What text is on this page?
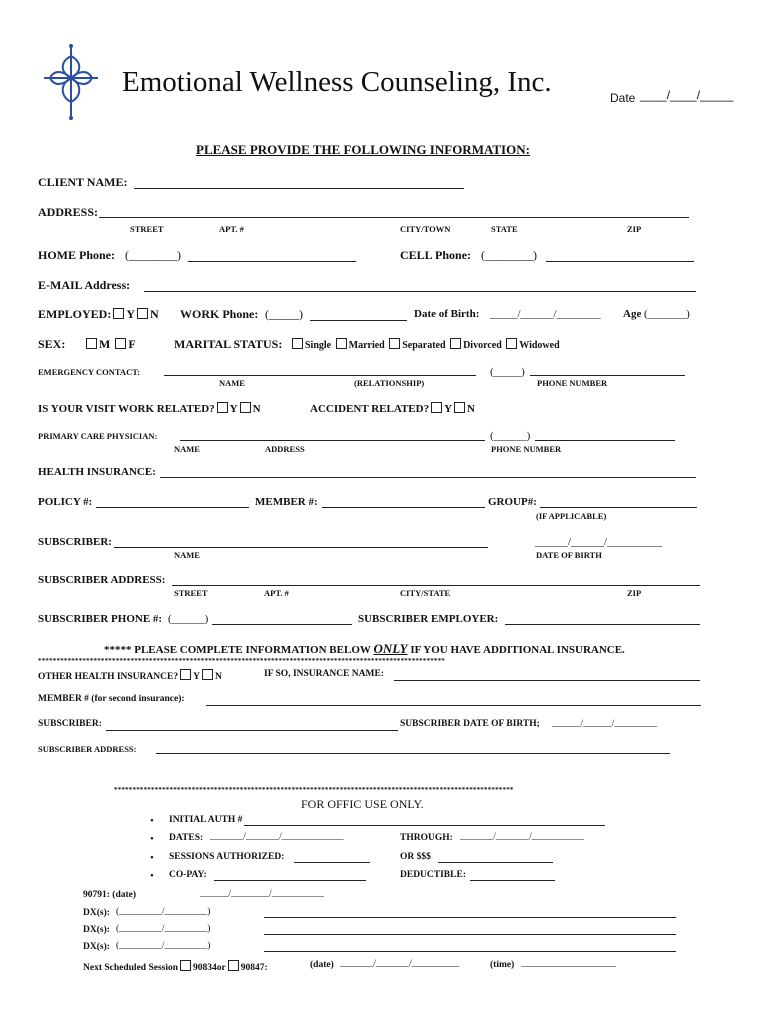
Emotional Wellness Counseling, Inc.	Date ____/____/_____
PLEASE PROVIDE THE FOLLOWING INFORMATION:
CLIENT NAME:
ADDRESS:
STREET	APT. #	CITY/TOWN	STATE	ZIP
HOME Phone: (________)	CELL Phone: (________)
E-MAIL Address:
EMPLOYED: Y N WORK Phone: (_____)	Date of Birth: _____/______/________ Age (_______)
SEX:	M F	MARITAL STATUS:	Single Married Separated Divorced Widowed
EMERGENCY CONTACT:	(_____)
NAME	(RELATIONSHIP)	PHONE NUMBER
IS YOUR VISIT WORK RELATED? Y N	ACCIDENT RELATED? Y N
PRIMARY CARE PHYSICIAN:	(______)
NAME	ADDRESS	PHONE NUMBER
HEALTH INSURANCE:
POLICY #:	MEMBER #:	GROUP#:
(IF APPLICABLE)
SUBSCRIBER:	______/______/__________
NAME	DATE OF BIRTH
SUBSCRIBER ADDRESS:
STREET	APT. #	CITY/STATE	ZIP
SUBSCRIBER PHONE #: (______)	SUBSCRIBER EMPLOYER:
***** PLEASE COMPLETE INFORMATION BELOW ONLY IF YOU HAVE ADDITIONAL INSURANCE.
**************************************************************************************************************
OTHER HEALTH INSURANCE? Y N	IF SO, INSURANCE NAME:
MEMBER # (for second insurance):
SUBSCRIBER:	SUBSCRIBER DATE OF BIRTH; ______/______/_________
SUBSCRIBER ADDRESS:
************************************************************************************************************
FOR OFFIC USE ONLY.
• INITIAL AUTH #
• DATES: _______/_______/_____________	THROUGH: _______/_______/___________
• SESSIONS AUTHORIZED:	OR $$$
• CO-PAY:	DEDUCTIBLE:
90791: (date)	______/________/___________
DX(s): (_________/_________)
DX(s): (_________/_________)
DX(s): (_________/_________)
Next Scheduled Session 90834or 90847:	(date) _______/_______/__________	(time) ____________________
